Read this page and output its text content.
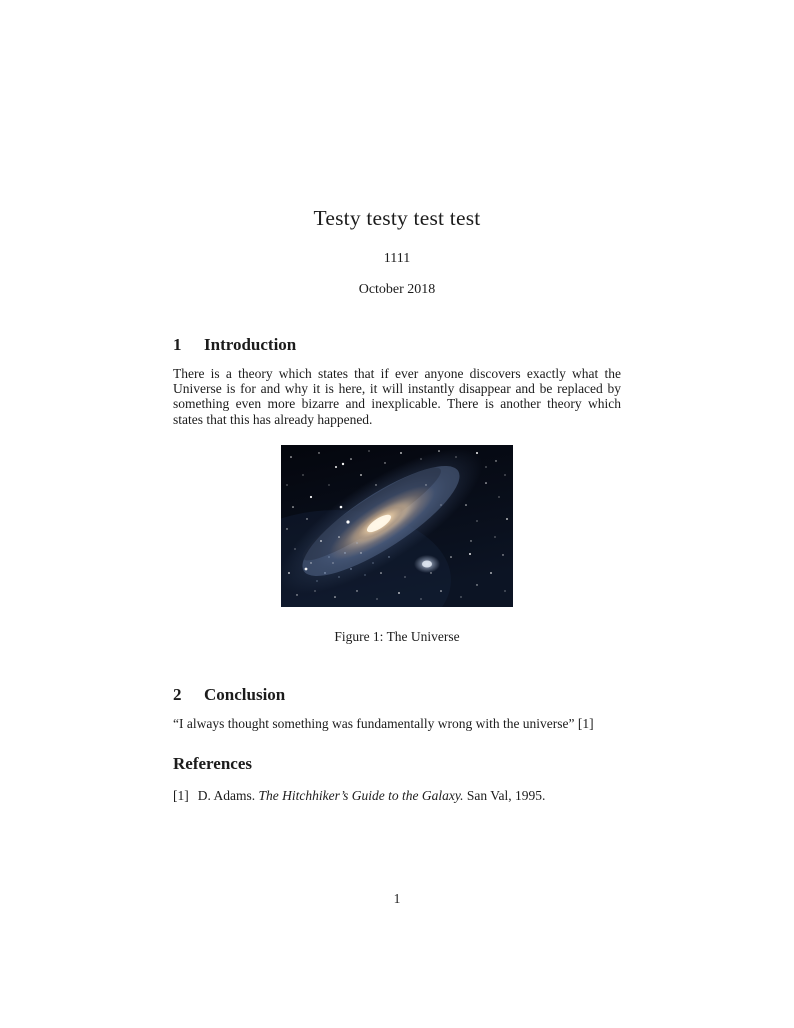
Testy testy test test
1111
October 2018
1	Introduction

There is a theory which states that if ever anyone discovers exactly what the Universe is for and why it is here, it will instantly disappear and be replaced by something even more bizarre and inexplicable. There is another theory which states that this has already happened.

Figure 1: The Universe
2	Conclusion

“I always thought something was fundamentally wrong with the universe” [1]

References
[1] D. Adams. The Hitchhiker’s Guide to the Galaxy. San Val, 1995.
1
